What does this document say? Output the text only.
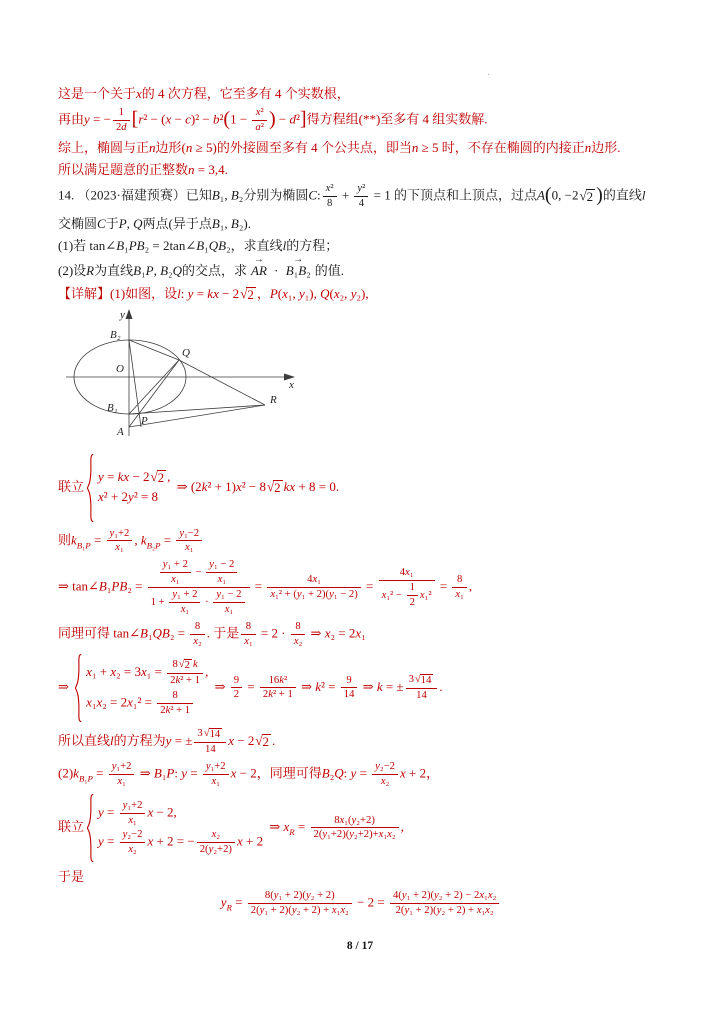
·
这是一个关于x的 4 次方程，它至多有 4 个实数根，
再由y = − $\frac{1}{2d} [r^2 - (x - c)^2 - b^2(1 - \frac{\text{x²}}{\text{a²}}$ ) − d²]得方程组(**)至多有 4 组实数解.
综上，椭圆与正n边形(n ≥ 5)的外接圆至多有 4 个公共点，即当n ≥ 5 时，不存在椭圆的内接正n边形.
所以满足题意的正整数n = 3,4.
14. （2023·福建预赛）已知B₁, B₂分别为椭圆C: $\frac{\text{x²}}{8} + \frac{\text{y²}}{4} = 1$ 的下顶点和上顶点，过点A(0, −2 √ 2 )的直线l
交椭圆C于P, Q两点(异于点B₁, B₂).
(1)若 tan∠B₁PB₂ = 2tan∠B₁QB₂，求直线l的方程；
(2)设R为直线B₁P, B₂Q的交点，求 → AR · → B₁B₂ 的值.
【详解】(1)如图，设l: y = kx − 2 √ 2 ，P(x₁, y₁), Q(x₂, y₂),
y
x
O
B₂
B₁
Q
P
A
R
联立
y = kx − 2 √ 2 ,
x² + 2y² = 8
⇒ (2k² + 1)x² − 8 √ 2 kx + 8 = 0.
则$k_{B_1P} = \frac{\text{y₁+2}}{\text{x₁}}$ , $k_{B_2P} = \frac{\text{y₁−2}}{\text{x₁}}$
⇒ tan∠B₁PB₂ = $\frac{\frac{\text{y₁ + 2}}{\text{x₁}} - \frac{\text{y₁ − 2}}{\text{x₁}}}{1 + \frac{\text{y₁ + 2}}{\text{x₁}} \cdot \frac{\text{y₁ − 2}}{\text{x₁}}} = \frac{\text{4x₁}}{\text{x₁² + (y₁ + 2)(y₁ − 2)}} = \frac{\text{4x₁}}{x_1^2 - \frac{1}{2} x_1^2} = \frac{8}{\text{x₁}}$ ,
同理可得 tan∠B₁QB₂ = $\frac{8}{\text{x₂}}$ . 于是 $\frac{8}{\text{x₁}} = 2 \cdot \frac{8}{\text{x₂}}$ ⇒ x₂ = 2x₁
⇒
$x_1 + x_2 = 3x_1 = \frac{8 √ 2 k}{\text{2k² + 1}}$ ,
$x_1x_2 = 2x_1^2 = \frac{8}{\text{2k² + 1}}$
⇒ $\frac{9}{2} = \frac{\text{16k²}}{\text{2k² + 1}}$ ⇒ $k^2 = \frac{9}{14}$ ⇒ k = ± $\frac{3 √ 14}{14}$ .
所以直线l的方程为y = ± $\frac{3 √ 14}{14}$ x − 2 √ 2 .
$(2)k_{B_1P} = \frac{\text{y₁+2}}{\text{x₁}}$ ⇒ B₁P: $y = \frac{\text{y₁+2}}{\text{x₁}}$ x − 2，同理可得B₂Q: $y = \frac{\text{y₂−2}}{\text{x₂}}$ x + 2，
联立
$y = \frac{\text{y₁+2}}{\text{x₁}}$ x − 2,
$y = \frac{\text{y₂−2}}{\text{x₂}}$ x + 2 = − $\frac{\text{x₂}}{\text{2(y₂+2)}}$ x + 2
⇒ $x_R = \frac{\text{8x₁(y₂+2)}}{\text{2(y₁+2)(y₂+2)+x₁x₂}}$ ,
于是
$y_R = \frac{\text{8(y₁ + 2)(y₂ + 2)}}{\text{2(y₁ + 2)(y₂ + 2) + x₁x₂}} - 2 = \frac{\text{4(y₁ + 2)(y₂ + 2) − 2x₁x₂}}{\text{2(y₁ + 2)(y₂ + 2) + x₁x₂}}$
8 / 17
